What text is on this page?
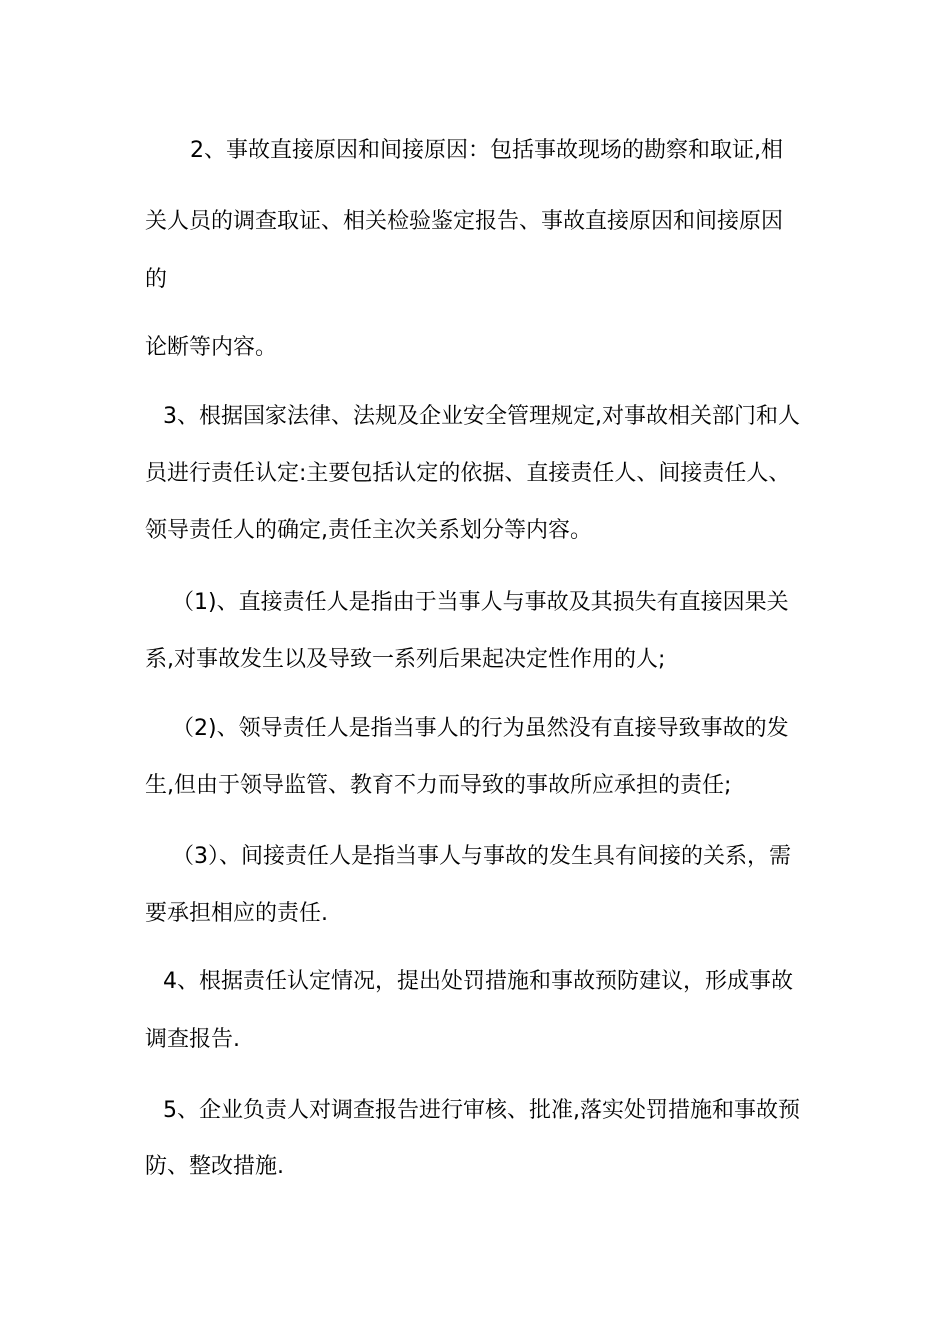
2、事故直接原因和间接原因：包括事故现场的勘察和取证,相
关人员的调查取证、相关检验鉴定报告、事故直接原因和间接原因
的
论断等内容。
3、根据国家法律、法规及企业安全管理规定,对事故相关部门和人
员进行责任认定:主要包括认定的依据、直接责任人、间接责任人、
领导责任人的确定,责任主次关系划分等内容。
（1)、直接责任人是指由于当事人与事故及其损失有直接因果关
系,对事故发生以及导致一系列后果起决定性作用的人;
（2)、领导责任人是指当事人的行为虽然没有直接导致事故的发
生,但由于领导监管、教育不力而导致的事故所应承担的责任;
（3）、间接责任人是指当事人与事故的发生具有间接的关系，需
要承担相应的责任.
4、根据责任认定情况，提出处罚措施和事故预防建议，形成事故
调查报告.
5、企业负责人对调查报告进行审核、批准,落实处罚措施和事故预
防、整改措施.
